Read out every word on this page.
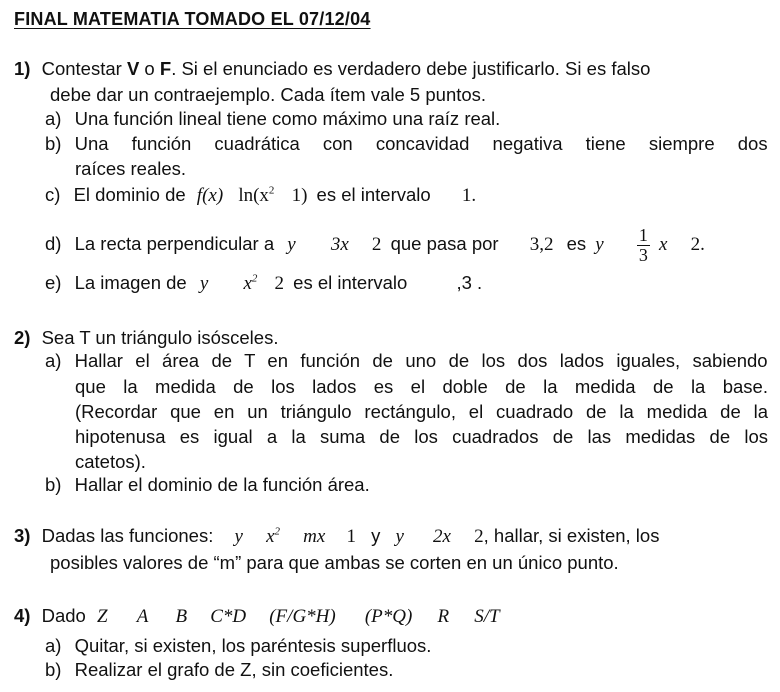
FINAL MATEMATIA TOMADO EL 07/12/04
1) Contestar V o F. Si el enunciado es verdadero debe justificarlo. Si es falso
debe dar un contraejemplo. Cada ítem vale 5 puntos.
a) Una función lineal tiene como máximo una raíz real.
b) Una función cuadrática con concavidad negativa tiene siempre dos
raíces reales.
c) El dominio de f(x) $\ln(x^2$ 1) es el intervalo 1.
d) La recta perpendicular a y 3x 2 que pasa por 3,2 es y $\frac{1}{3}$ x 2.
e) La imagen de y $x^2$ 2 es el intervalo	,3 .
2) Sea T un triángulo isósceles.
a) Hallar el área de T en función de uno de los dos lados iguales, sabiendo
que la medida de los lados es el doble de la medida de la base.
(Recordar que en un triángulo rectángulo, el cuadrado de la medida de la
hipotenusa es igual a la suma de los cuadrados de las medidas de los
catetos).
b) Hallar el dominio de la función área.
3) Dadas las funciones: y $x^2$ mx 1 y y 2x 2, hallar, si existen, los
posibles valores de “m” para que ambas se corten en un único punto.
4) Dado Z A B C*D (F/G*H) (P*Q) R S/T
a) Quitar, si existen, los paréntesis superfluos.
b) Realizar el grafo de Z, sin coeficientes.
